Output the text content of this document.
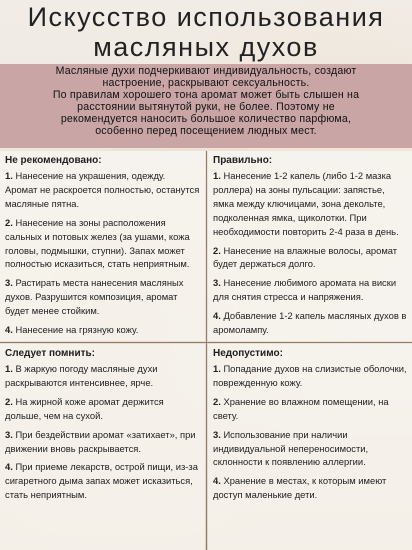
Искусство использования
масляных духов
Масляные духи подчеркивают индивидуальность, создают
настроение, раскрывают сексуальность.
По правилам хорошего тона аромат может быть слышен на
расстоянии вытянутой руки, не более. Поэтому не
рекомендуется наносить большое количество парфюма,
особенно перед посещением людных мест.
Не рекомендовано:
1. Нанесение на украшения, одежду. Аромат не раскроется полностью, останутся масляные пятна.
2. Нанесение на зоны расположения сальных и потовых желез (за ушами, кожа головы, подмышки, ступни). Запах может полностью исказиться, стать неприятным.
3. Растирать места нанесения масляных духов. Разрушится композиция, аромат будет менее стойким.
4. Нанесение на грязную кожу.
Правильно:
1. Нанесение 1-2 капель (либо 1-2 мазка роллера) на зоны пульсации: запястье, ямка между ключицами, зона декольте, подколенная ямка, щиколотки. При необходимости повторить 2-4 раза в день.
2. Нанесение на влажные волосы, аромат будет держаться долго.
3. Нанесение любимого аромата на виски для снятия стресса и напряжения.
4. Добавление 1-2 капель масляных духов в аромолампу.
Следует помнить:
1. В жаркую погоду масляные духи раскрываются интенсивнее, ярче.
2. На жирной коже аромат держится дольше, чем на сухой.
3. При бездействии аромат «затихает», при движении вновь раскрывается.
4. При приеме лекарств, острой пищи, из-за сигаретного дыма запах может исказиться, стать неприятным.
Недопустимо:
1. Попадание духов на слизистые оболочки, поврежденную кожу.
2. Хранение во влажном помещении, на свету.
3. Использование при наличии индивидуальной непереносимости, склонности к появлению аллергии.
4. Хранение в местах, к которым имеют доступ маленькие дети.
